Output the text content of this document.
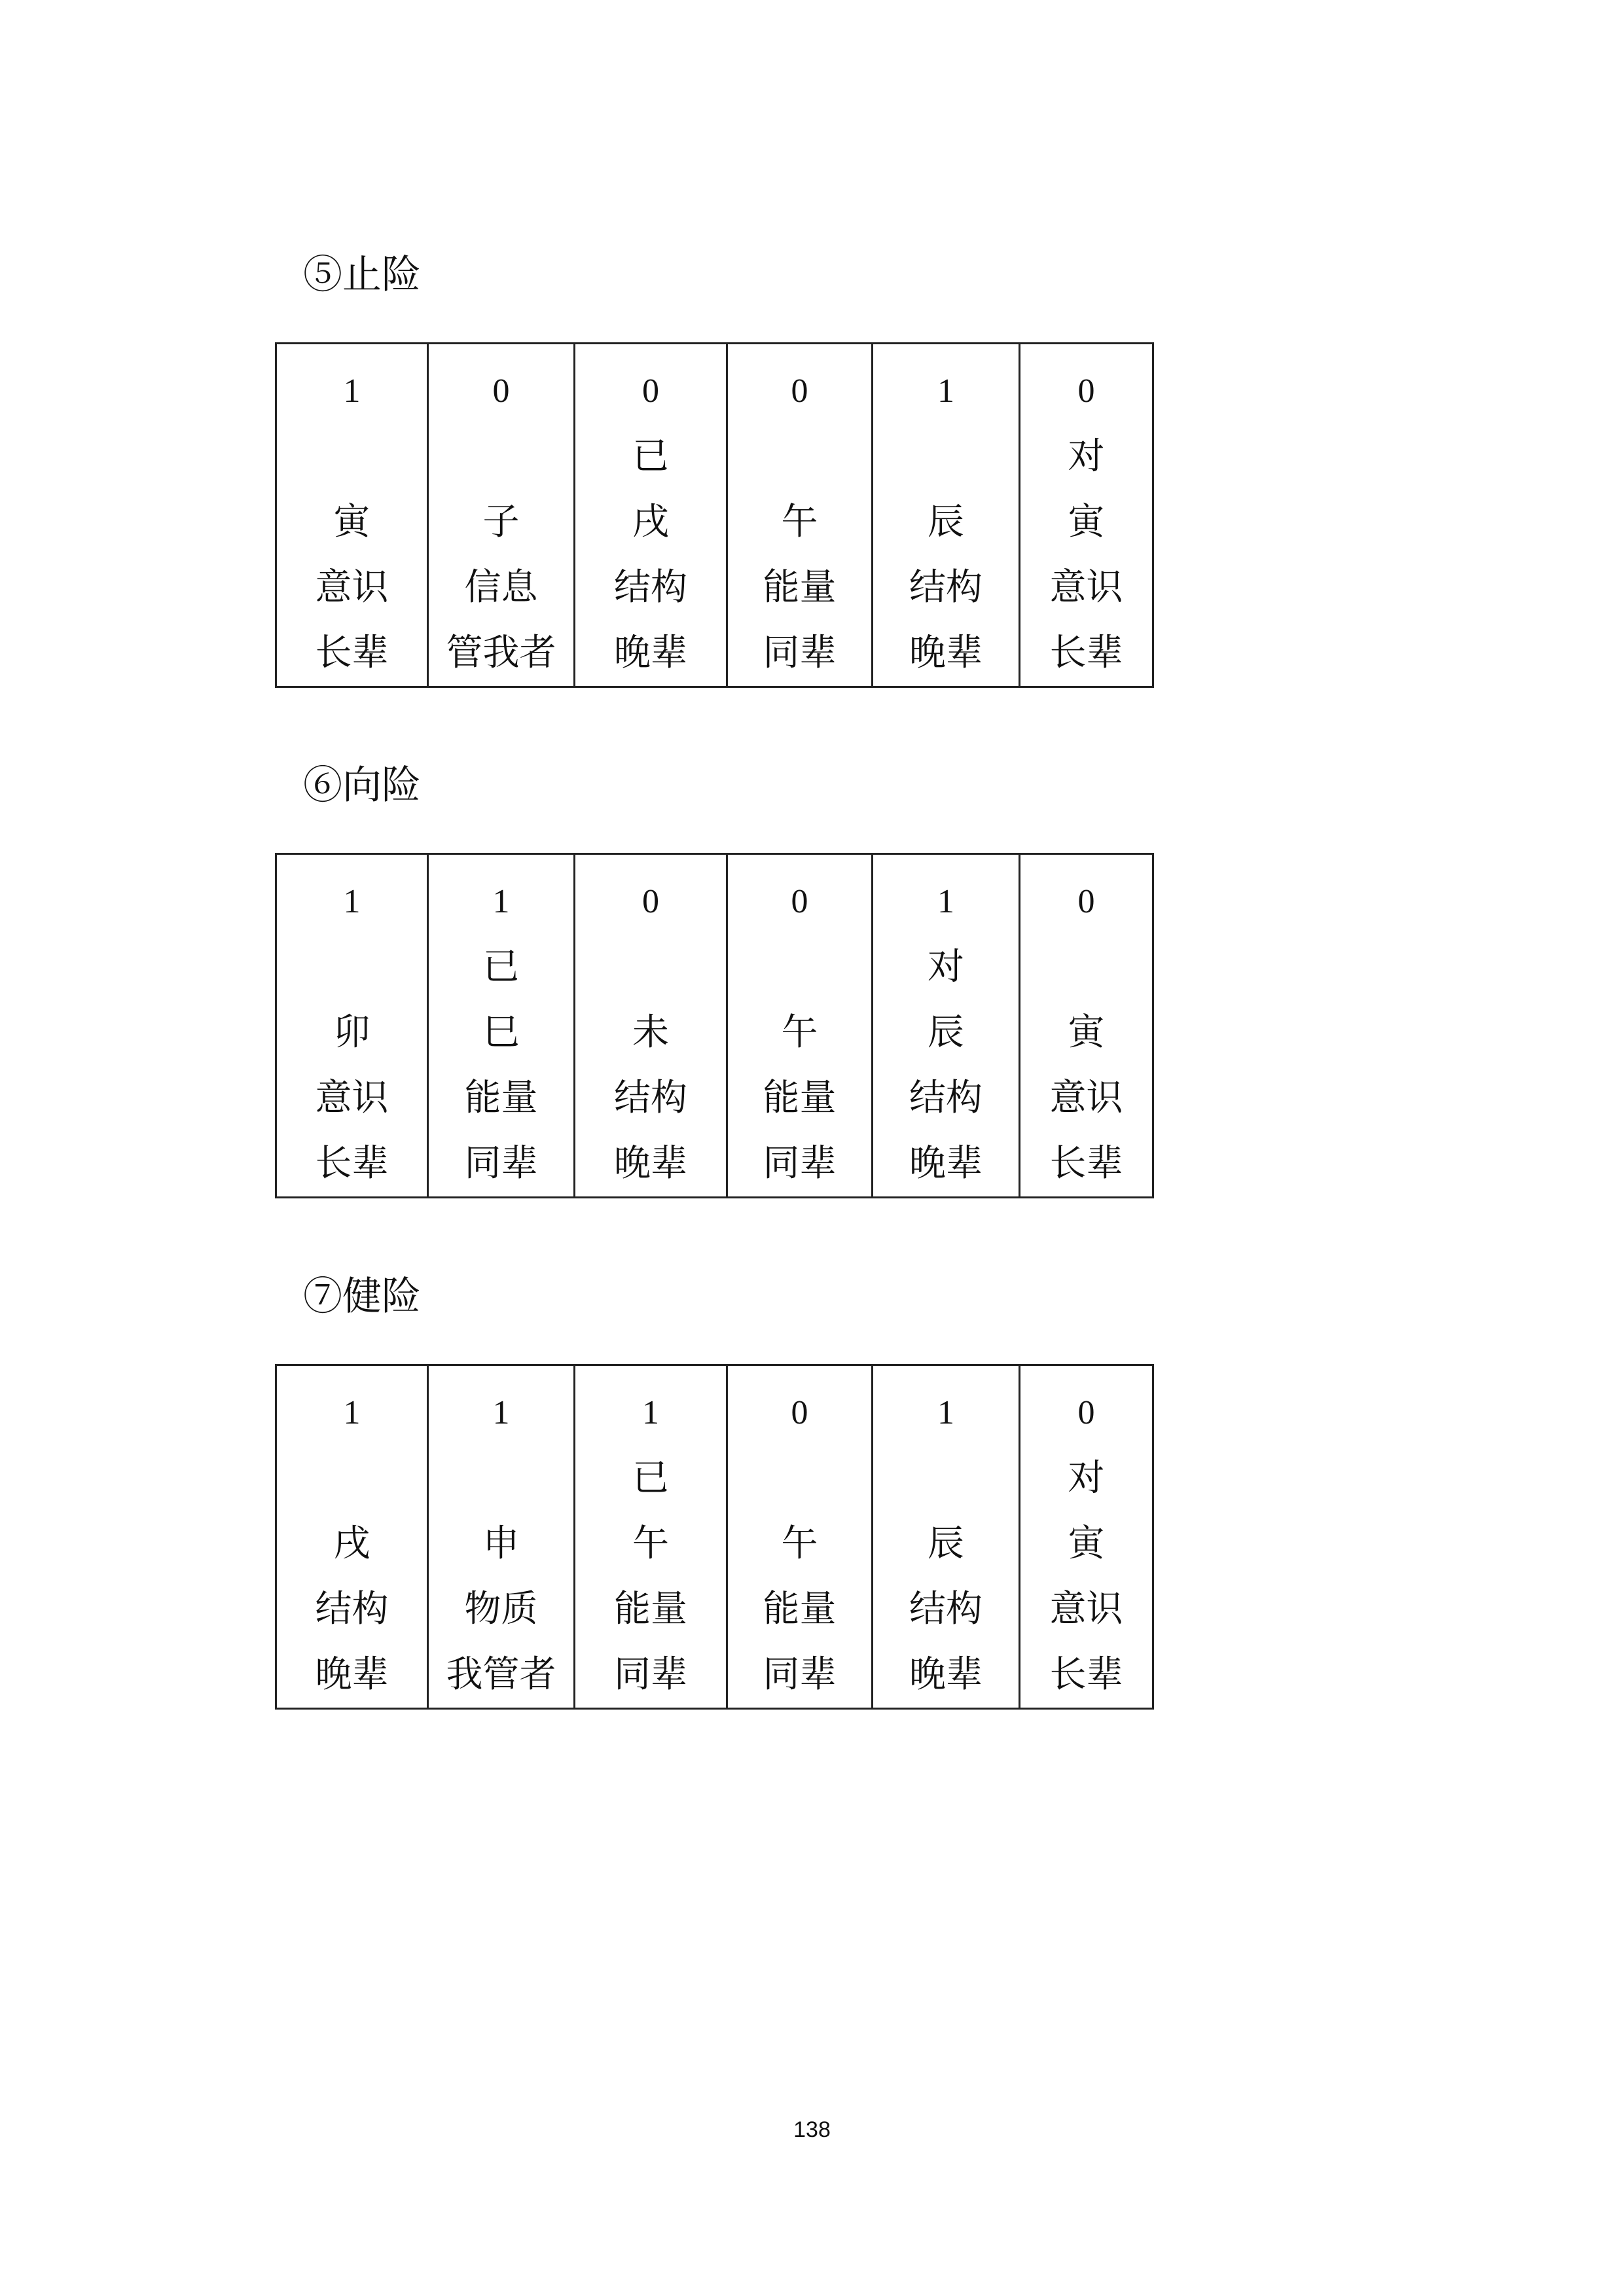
⑤止险
1
寅
意识
长辈

0
子
信息
管我者

0
已
戌
结构
晚辈

0
午
能量
同辈

1
辰
结构
晚辈

0
对
寅
意识
长辈
⑥向险
1
卯
意识
长辈

1
已
巳
能量
同辈

0
未
结构
晚辈

0
午
能量
同辈

1
对
辰
结构
晚辈

0
寅
意识
长辈
⑦健险
1
戌
结构
晚辈

1
申
物质
我管者

1
已
午
能量
同辈

0
午
能量
同辈

1
辰
结构
晚辈

0
对
寅
意识
长辈
138
